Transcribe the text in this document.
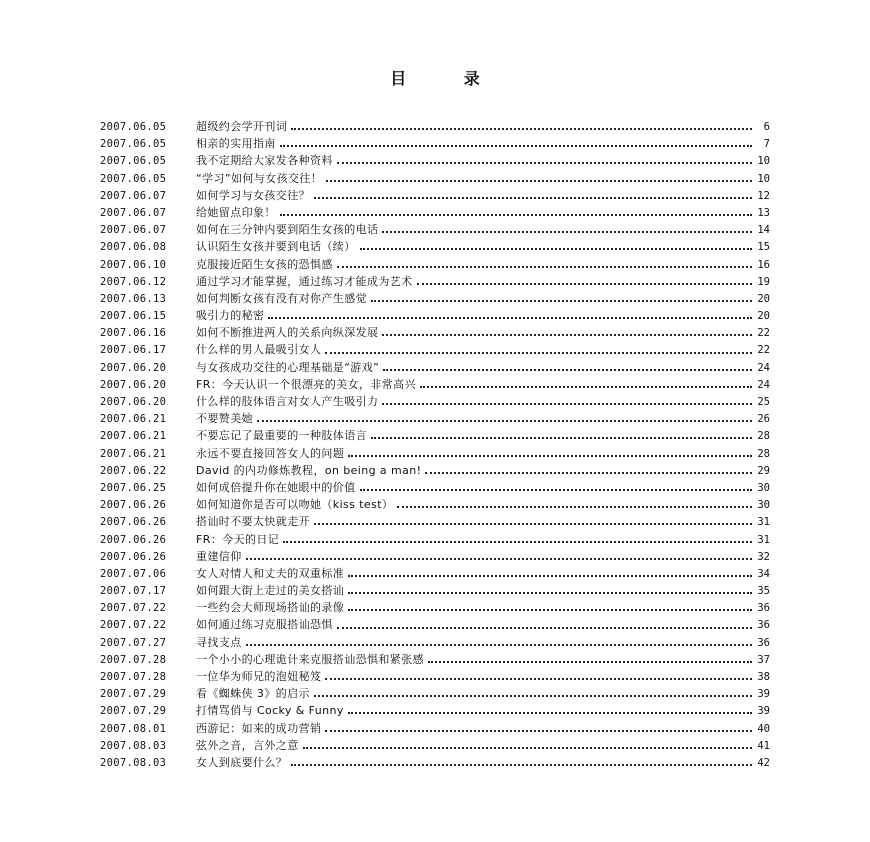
目 录
2007.06.05	超级约会学开刊词	6
2007.06.05	相亲的实用指南	7
2007.06.05	我不定期给大家发各种资料	10
2007.06.05	“学习”如何与女孩交往！	10
2007.06.07	如何学习与女孩交往？	12
2007.06.07	给她留点印象！	13
2007.06.07	如何在三分钟内要到陌生女孩的电话	14
2007.06.08	认识陌生女孩并要到电话（续）	15
2007.06.10	克服接近陌生女孩的恐惧感	16
2007.06.12	通过学习才能掌握，通过练习才能成为艺术	19
2007.06.13	如何判断女孩有没有对你产生感觉	20
2007.06.15	吸引力的秘密	20
2007.06.16	如何不断推进两人的关系向纵深发展	22
2007.06.17	什么样的男人最吸引女人	22
2007.06.20	与女孩成功交往的心理基础是“游戏”	24
2007.06.20	FR：今天认识一个很漂亮的美女，非常高兴	24
2007.06.20	什么样的肢体语言对女人产生吸引力	25
2007.06.21	不要赞美她	26
2007.06.21	不要忘记了最重要的一种肢体语言	28
2007.06.21	永远不要直接回答女人的问题	28
2007.06.22	David 的内功修炼教程，on being a man!	29
2007.06.25	如何成倍提升你在她眼中的价值	30
2007.06.26	如何知道你是否可以吻她（kiss test）	30
2007.06.26	搭讪时不要太快就走开	31
2007.06.26	FR：今天的日记	31
2007.06.26	重建信仰	32
2007.07.06	女人对情人和丈夫的双重标准	34
2007.07.17	如何跟大街上走过的美女搭讪	35
2007.07.22	一些约会大师现场搭讪的录像	36
2007.07.22	如何通过练习克服搭讪恐惧	36
2007.07.27	寻找支点	36
2007.07.28	一个小小的心理诡计来克服搭讪恐惧和紧张感	37
2007.07.28	一位华为师兄的泡妞秘笈	38
2007.07.29	看《蜘蛛侠 3》的启示	39
2007.07.29	打情骂俏与 Cocky & Funny	39
2007.08.01	西游记：如来的成功营销	40
2007.08.03	弦外之音，言外之意	41
2007.08.03	女人到底要什么？	42
